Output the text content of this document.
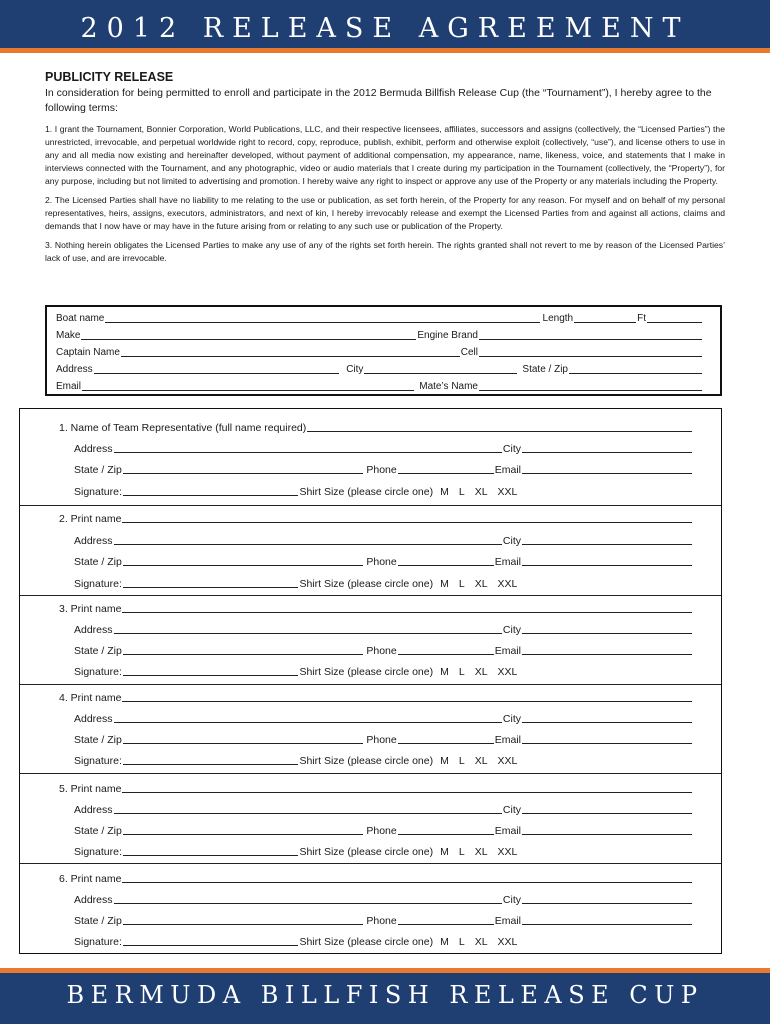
2012 RELEASE AGREEMENT
PUBLICITY RELEASE

In consideration for being permitted to enroll and participate in the 2012 Bermuda Billfish Release Cup (the “Tournament”), I hereby agree to the following terms:

1. I grant the Tournament, Bonnier Corporation, World Publications, LLC, and their respective licensees, affiliates, successors and assigns (collectively, the “Licensed Parties”) the unrestricted, irrevocable, and perpetual worldwide right to record, copy, reproduce, publish, exhibit, perform and otherwise exploit (collectively, “use”), and license others to use in any and all media now existing and hereinafter developed, without payment of additional compensation, my appearance, name, likeness, voice, and statements that I make in interviews connected with the Tournament, and any photographic, video or audio materials that I create during my participation in the Tournament (collectively, the “Property”), for any purpose, including but not limited to advertising and promotion. I hereby waive any right to inspect or approve any use of the Property or any materials including the Property.

2. The Licensed Parties shall have no liability to me relating to the use or publication, as set forth herein, of the Property for any reason. For myself and on behalf of my personal representatives, heirs, assigns, executors, administrators, and next of kin, I hereby irrevocably release and exempt the Licensed Parties from and against all actions, claims and demands that I now have or may have in the future arising from or relating to any such use or publication of the Property.

3. Nothing herein obligates the Licensed Parties to make any use of any of the rights set forth herein. The rights granted shall not revert to me by reason of the Licensed Parties’ lack of use, and are irrevocable.

Boat name	Length	Ft
Make	Engine Brand
Captain Name	Cell
Address	City	State / Zip
Email	Mate’s Name
1. Name of Team Representative (full name required)
Address	City
State / Zip	Phone	Email
Signature:	Shirt Size (please circle one) M L XL XXL
2. Print name
Address	City
State / Zip	Phone	Email
Signature:	Shirt Size (please circle one) M L XL XXL
3. Print name
Address	City
State / Zip	Phone	Email
Signature:	Shirt Size (please circle one) M L XL XXL
4. Print name
Address	City
State / Zip	Phone	Email
Signature:	Shirt Size (please circle one) M L XL XXL
5. Print name
Address	City
State / Zip	Phone	Email
Signature:	Shirt Size (please circle one) M L XL XXL
6. Print name
Address	City
State / Zip	Phone	Email
Signature:	Shirt Size (please circle one) M L XL XXL
BERMUDA BILLFISH RELEASE CUP
